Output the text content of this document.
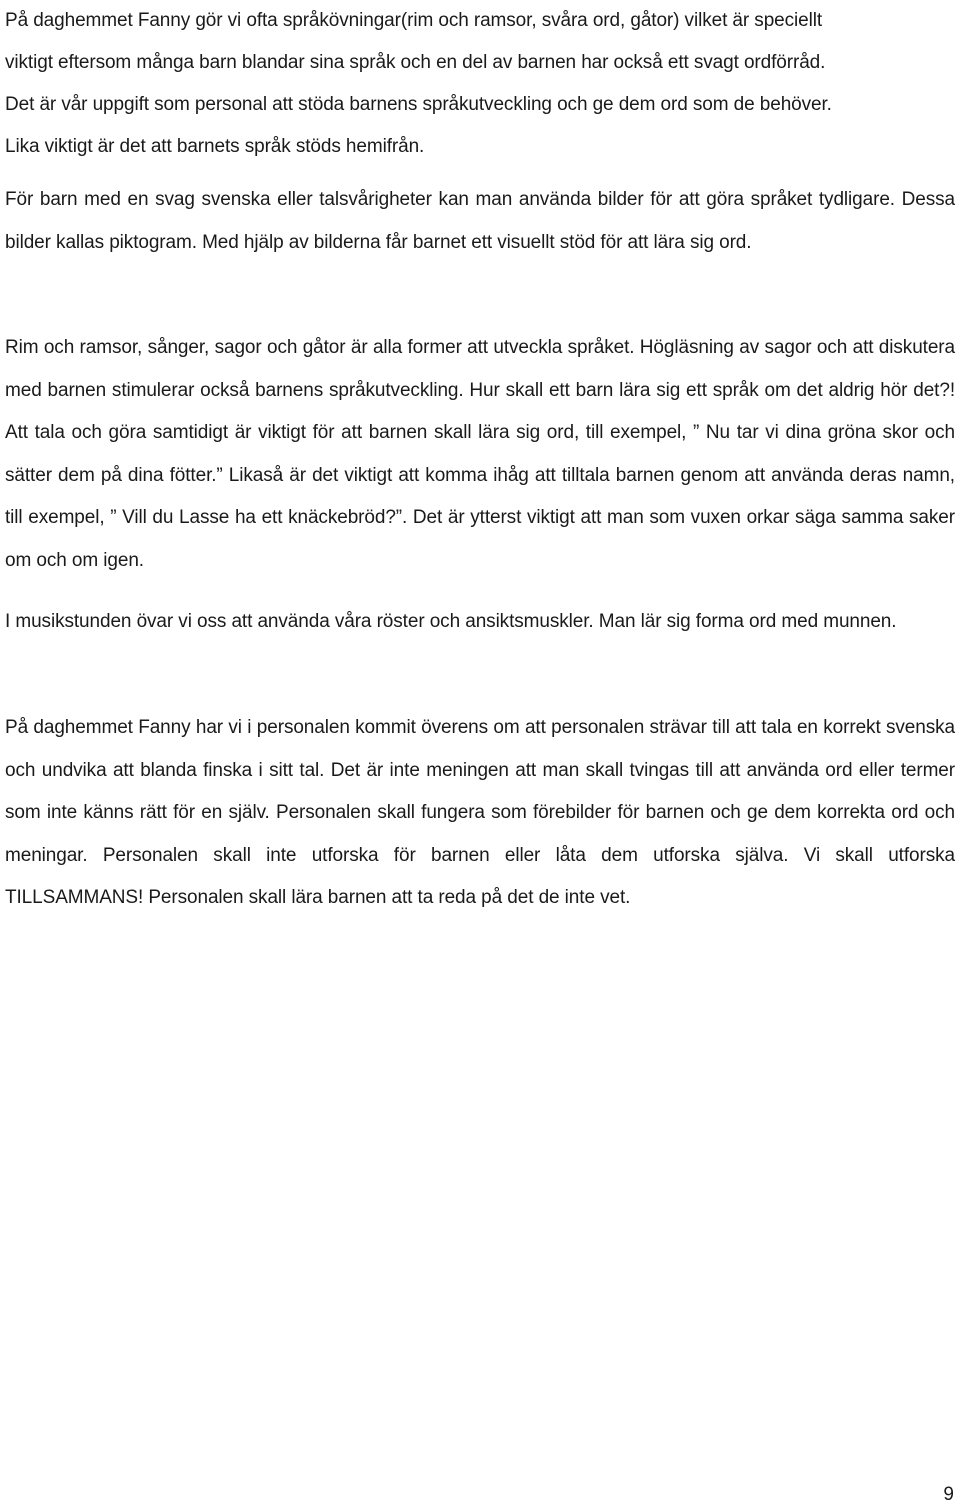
På daghemmet Fanny gör vi ofta språkövningar(rim och ramsor, svåra ord, gåtor) vilket är speciellt

viktigt eftersom många barn blandar sina språk och en del av barnen har också ett svagt ordförråd.

Det är vår uppgift som personal att stöda barnens språkutveckling och ge dem ord som de behöver.

Lika viktigt är det att barnets språk stöds hemifrån.

För barn med en svag svenska eller talsvårigheter kan man använda bilder för att göra språket tydligare. Dessa bilder kallas piktogram. Med hjälp av bilderna får barnet ett visuellt stöd för att lära sig ord.

Rim och ramsor, sånger, sagor och gåtor är alla former att utveckla språket. Högläsning av sagor och att diskutera med barnen stimulerar också barnens språkutveckling. Hur skall ett barn lära sig ett språk om det aldrig hör det?! Att tala och göra samtidigt är viktigt för att barnen skall lära sig ord, till exempel, ” Nu tar vi dina gröna skor och sätter dem på dina fötter.” Likaså är det viktigt att komma ihåg att tilltala barnen genom att använda deras namn, till exempel, ” Vill du Lasse ha ett knäckebröd?”. Det är ytterst viktigt att man som vuxen orkar säga samma saker om och om igen.

I musikstunden övar vi oss att använda våra röster och ansiktsmuskler. Man lär sig forma ord med munnen.

På daghemmet Fanny har vi i personalen kommit överens om att personalen strävar till att tala en korrekt svenska och undvika att blanda finska i sitt tal. Det är inte meningen att man skall tvingas till att använda ord eller termer som inte känns rätt för en själv. Personalen skall fungera som förebilder för barnen och ge dem korrekta ord och meningar. Personalen skall inte utforska för barnen eller låta dem utforska själva. Vi skall utforska TILLSAMMANS! Personalen skall lära barnen att ta reda på det de inte vet.

9
